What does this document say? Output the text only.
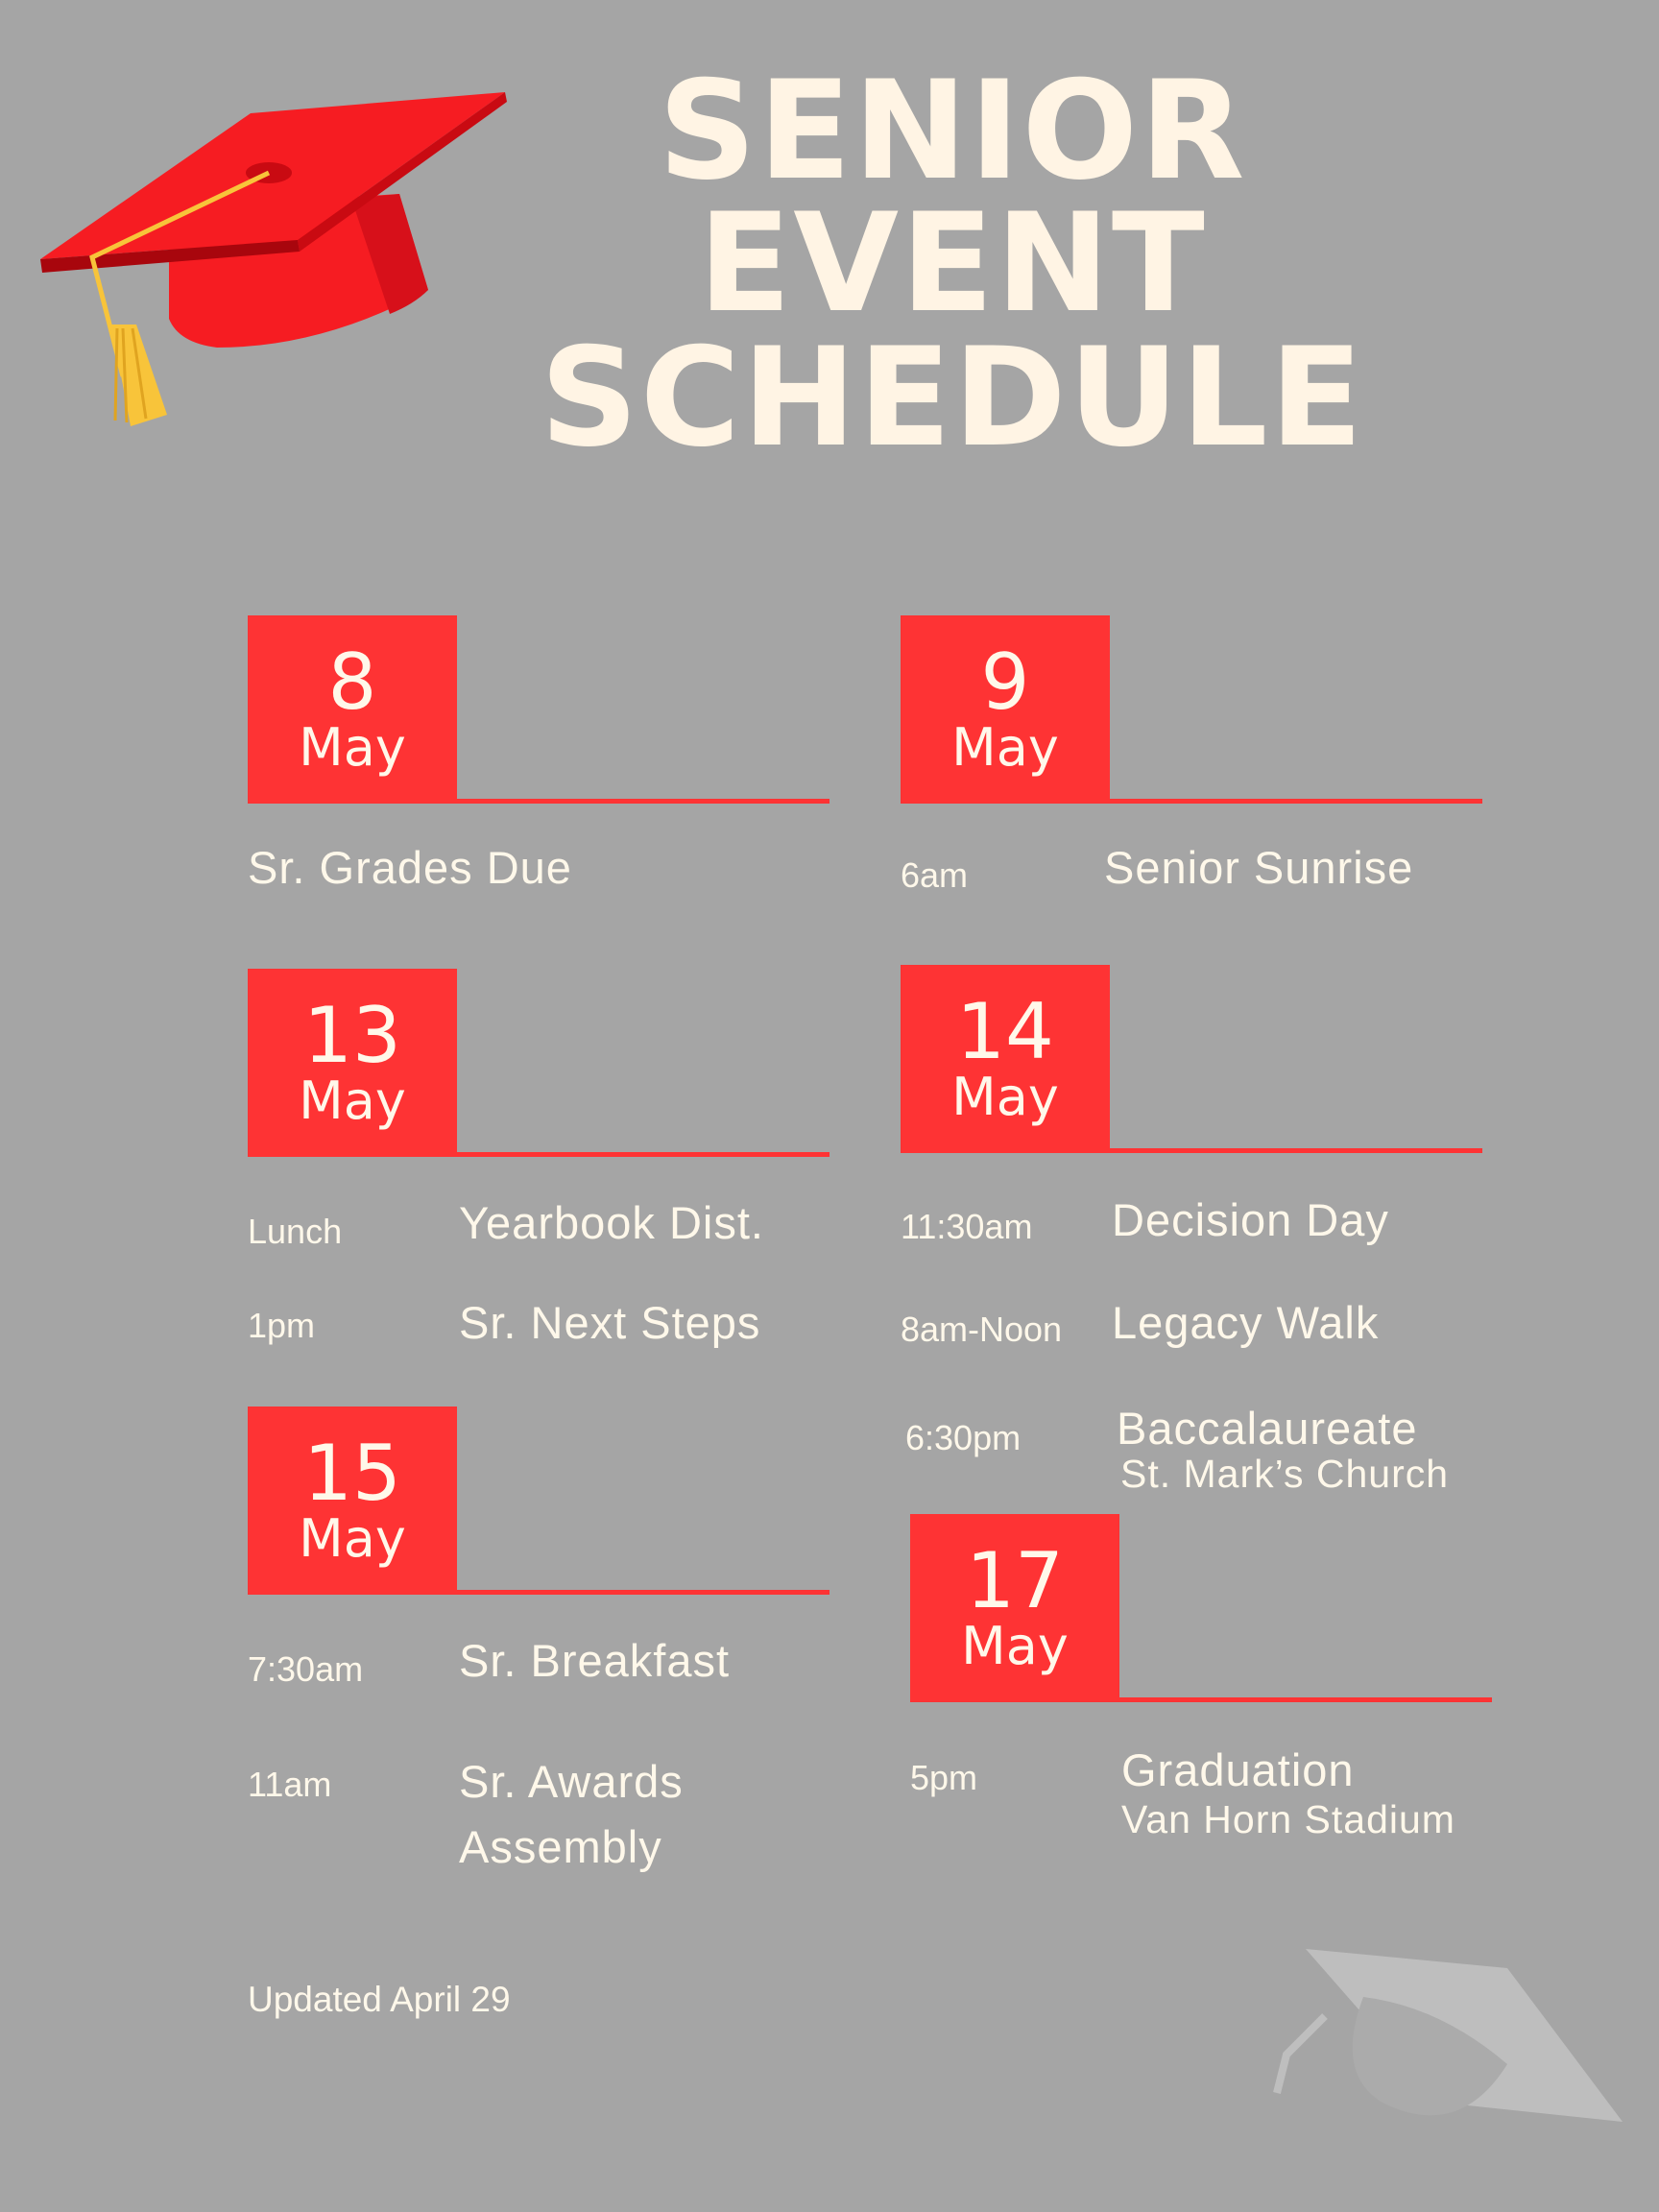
SENIOR
EVENT
SCHEDULE
8
May
Sr. Grades Due
9
May
6am	Senior Sunrise
13
May
Lunch	Yearbook Dist.
1pm	Sr. Next Steps
14
May
11:30am Decision Day
8am-Noon Legacy Walk
6:30pm Baccalaureate
St. Mark’s Church
15
May
7:30am Sr. Breakfast
11am	Sr. Awards
Assembly
17
May
5pm	Graduation
Van Horn Stadium
Updated April 29
